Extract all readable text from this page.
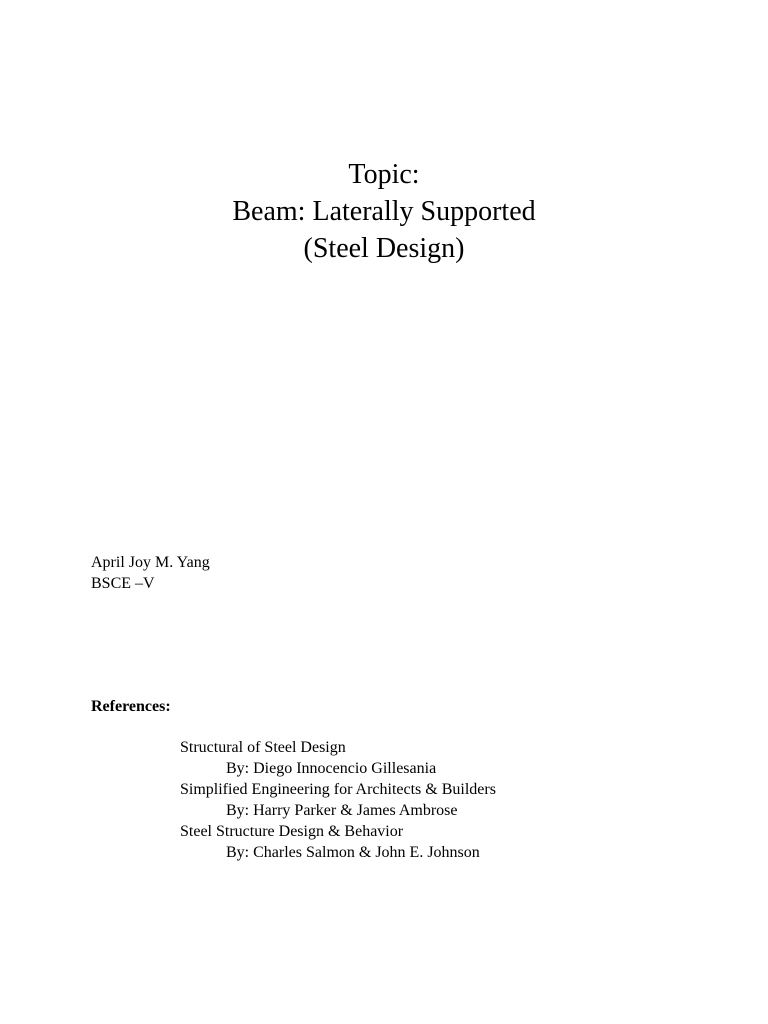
Topic:
Beam: Laterally Supported
(Steel Design)
April Joy M. Yang
BSCE –V
References:
Structural of Steel Design
By: Diego Innocencio Gillesania
Simplified Engineering for Architects & Builders
By: Harry Parker & James Ambrose
Steel Structure Design & Behavior
By: Charles Salmon & John E. Johnson
